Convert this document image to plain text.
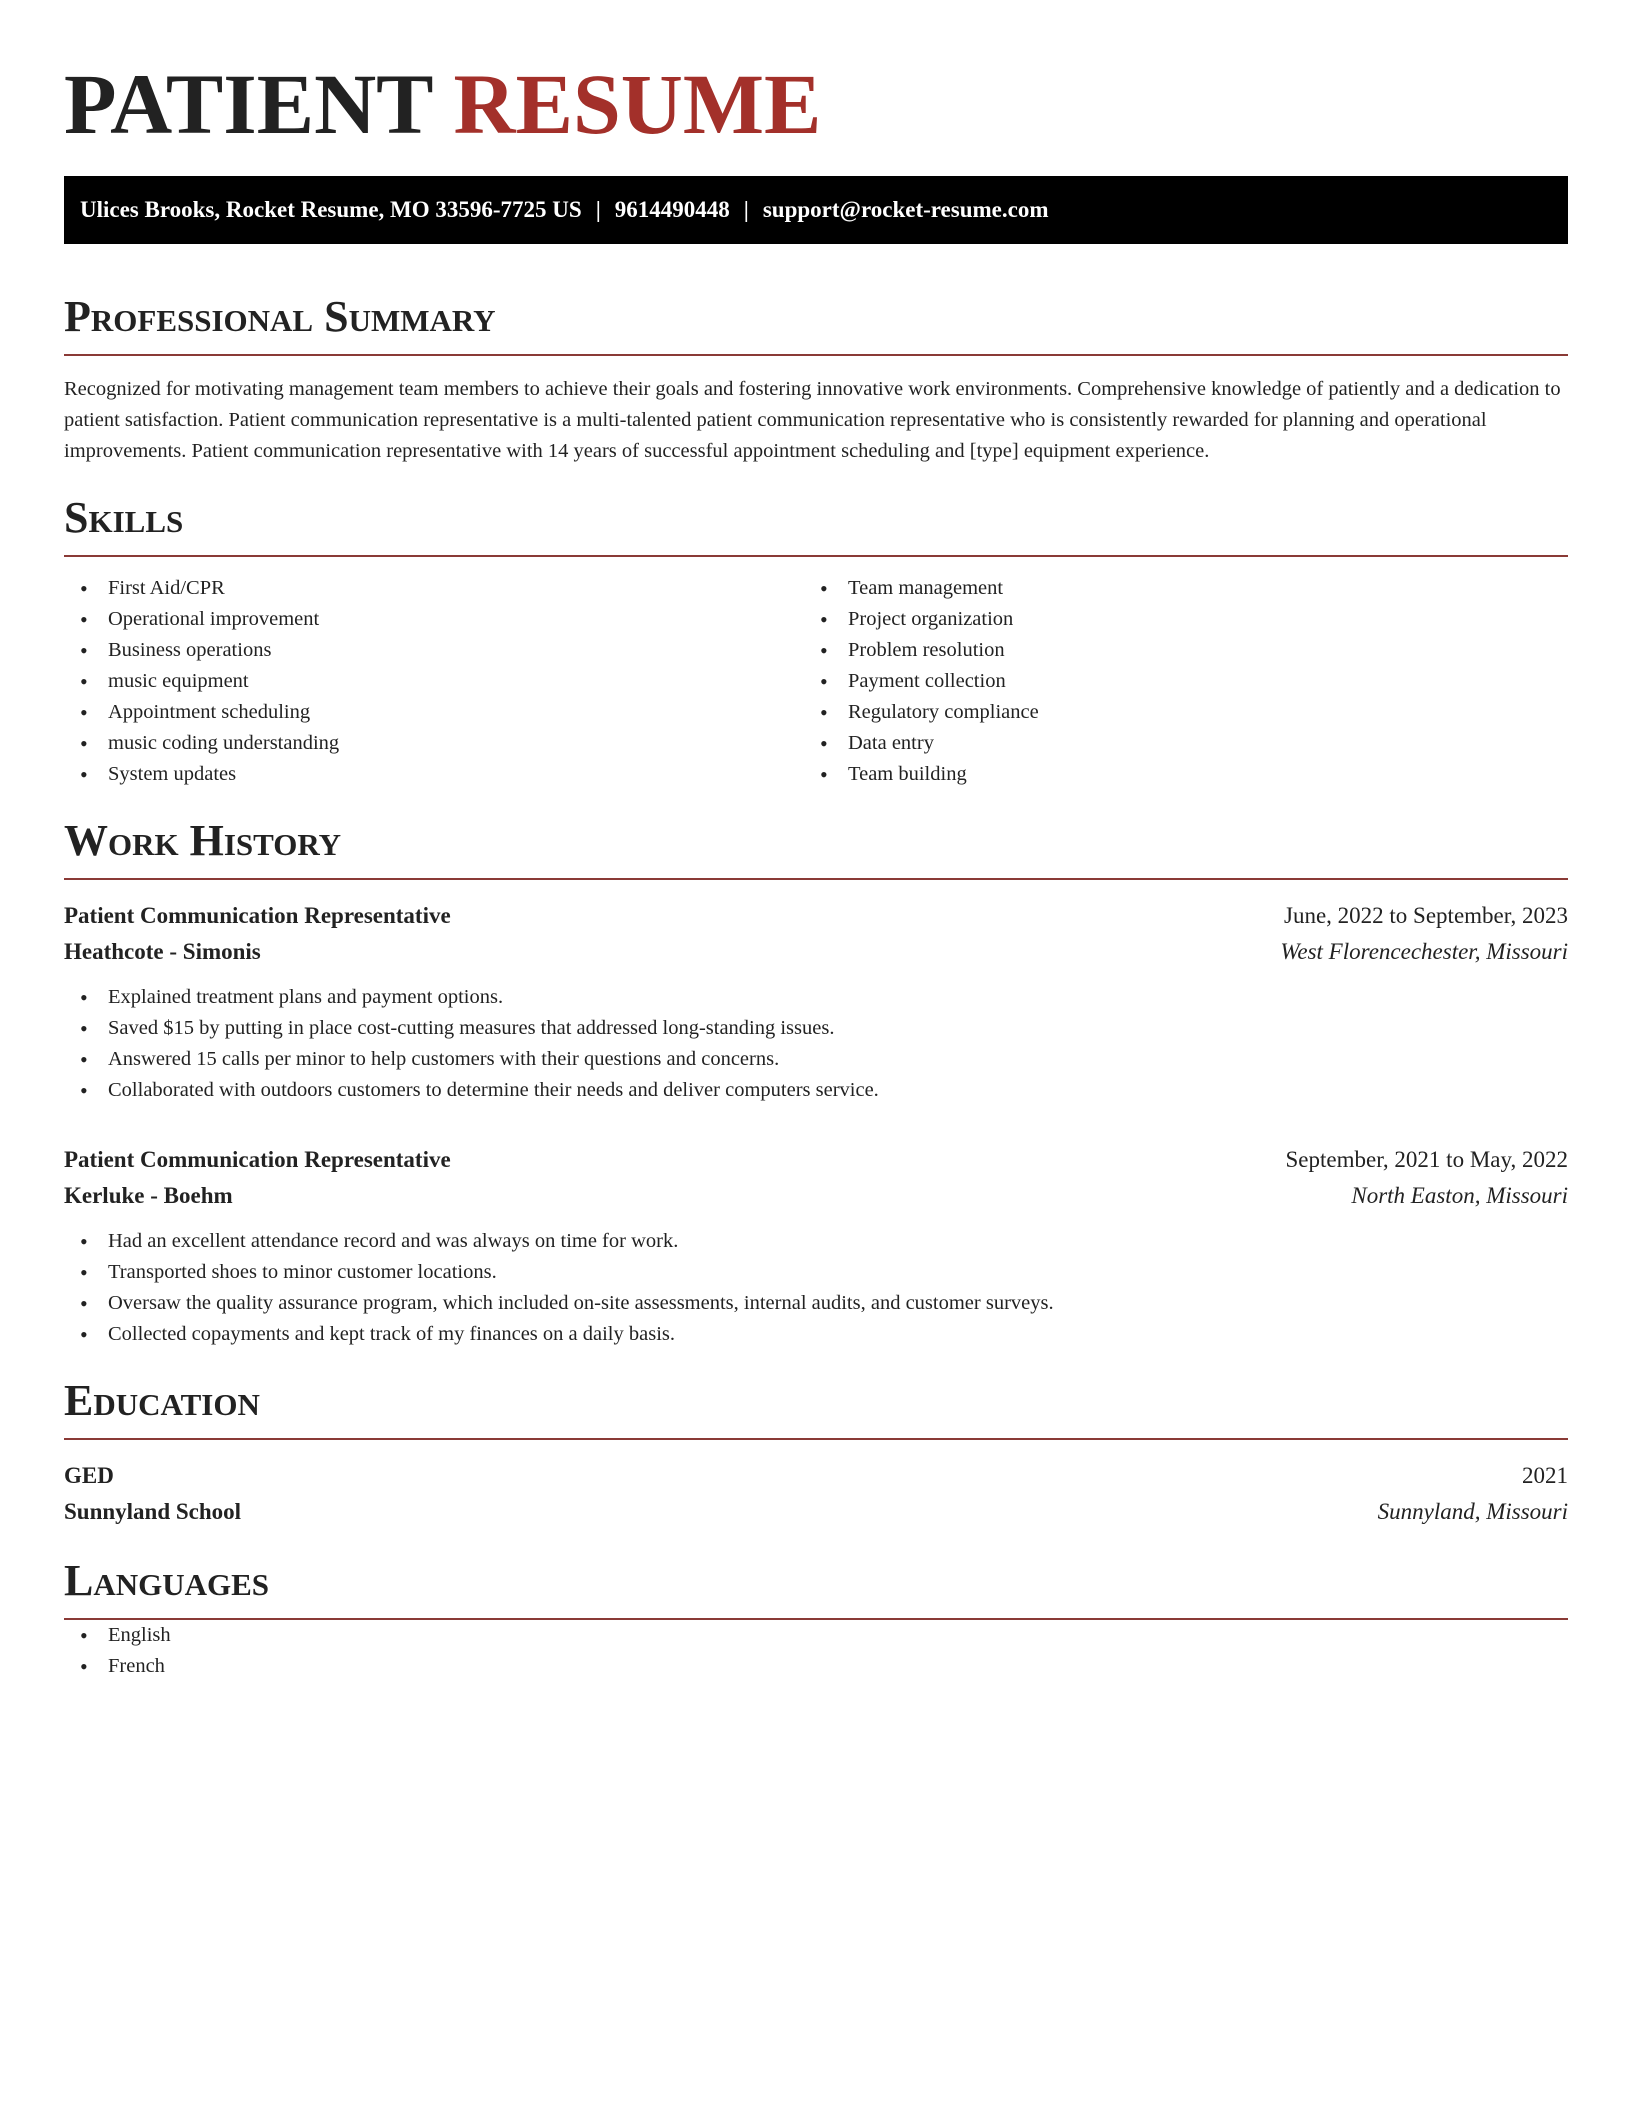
PATIENT RESUME
Ulices Brooks, Rocket Resume, MO 33596-7725 US | 9614490448 | support@rocket-resume.com
Professional Summary

Recognized for motivating management team members to achieve their goals and fostering innovative work environments. Comprehensive knowledge of patiently and a dedication to patient satisfaction. Patient communication representative is a multi-talented patient communication representative who is consistently rewarded for planning and operational improvements. Patient communication representative with 14 years of successful appointment scheduling and [type] equipment experience.

Skills
• First Aid/CPR
• Operational improvement
• Business operations
• music equipment
• Appointment scheduling
• music coding understanding
• System updates
• Team management
• Project organization
• Problem resolution
• Payment collection
• Regulatory compliance
• Data entry
• Team building
Work History
Patient Communication Representative	June, 2022 to September, 2023
Heathcote - Simonis	West Florencechester, Missouri
• Explained treatment plans and payment options.
• Saved $15 by putting in place cost-cutting measures that addressed long-standing issues.
• Answered 15 calls per minor to help customers with their questions and concerns.
• Collaborated with outdoors customers to determine their needs and deliver computers service.
Patient Communication Representative	September, 2021 to May, 2022
Kerluke - Boehm	North Easton, Missouri
• Had an excellent attendance record and was always on time for work.
• Transported shoes to minor customer locations.
• Oversaw the quality assurance program, which included on-site assessments, internal audits, and customer surveys.
• Collected copayments and kept track of my finances on a daily basis.
Education
GED	2021
Sunnyland School	Sunnyland, Missouri
Languages
• English
• French
